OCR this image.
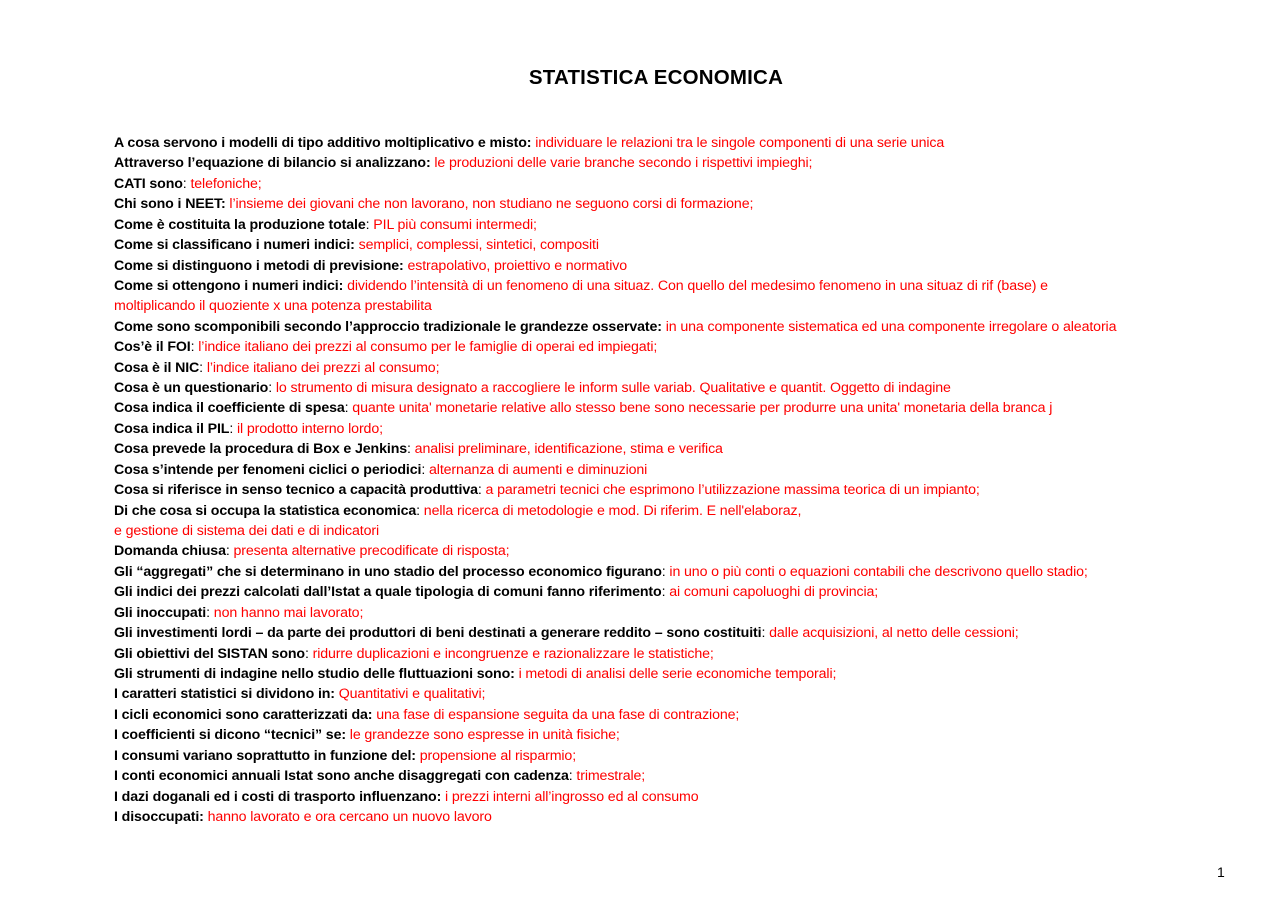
STATISTICA ECONOMICA
A cosa servono i modelli di tipo additivo moltiplicativo e misto: individuare le relazioni tra le singole componenti di una serie unica
Attraverso l’equazione di bilancio si analizzano: le produzioni delle varie branche secondo i rispettivi impieghi;
CATI sono: telefoniche;
Chi sono i NEET: l’insieme dei giovani che non lavorano, non studiano ne seguono corsi di formazione;
Come è costituita la produzione totale: PIL più consumi intermedi;
Come si classificano i numeri indici: semplici, complessi, sintetici, compositi
Come si distinguono i metodi di previsione: estrapolativo, proiettivo e normativo
Come si ottengono i numeri indici: dividendo l’intensità di un fenomeno di una situaz. Con quello del medesimo fenomeno in una situaz di rif (base) e
moltiplicando il quoziente x una potenza prestabilita
Come sono scomponibili secondo l’approccio tradizionale le grandezze osservate: in una componente sistematica ed una componente irregolare o aleatoria
Cos’è il FOI: l’indice italiano dei prezzi al consumo per le famiglie di operai ed impiegati;
Cosa è il NIC: l’indice italiano dei prezzi al consumo;
Cosa è un questionario: lo strumento di misura designato a raccogliere le inform sulle variab. Qualitative e quantit. Oggetto di indagine
Cosa indica il coefficiente di spesa: quante unita' monetarie relative allo stesso bene sono necessarie per produrre una unita' monetaria della branca j
Cosa indica il PIL: il prodotto interno lordo;
Cosa prevede la procedura di Box e Jenkins: analisi preliminare, identificazione, stima e verifica
Cosa s’intende per fenomeni ciclici o periodici: alternanza di aumenti e diminuzioni
Cosa si riferisce in senso tecnico a capacità produttiva: a parametri tecnici che esprimono l’utilizzazione massima teorica di un impianto;
Di che cosa si occupa la statistica economica: nella ricerca di metodologie e mod. Di riferim. E nell'elaboraz,
e gestione di sistema dei dati e di indicatori
Domanda chiusa: presenta alternative precodificate di risposta;
Gli “aggregati” che si determinano in uno stadio del processo economico figurano: in uno o più conti o equazioni contabili che descrivono quello stadio;
Gli indici dei prezzi calcolati dall’Istat a quale tipologia di comuni fanno riferimento: ai comuni capoluoghi di provincia;
Gli inoccupati: non hanno mai lavorato;
Gli investimenti lordi – da parte dei produttori di beni destinati a generare reddito – sono costituiti: dalle acquisizioni, al netto delle cessioni;
Gli obiettivi del SISTAN sono: ridurre duplicazioni e incongruenze e razionalizzare le statistiche;
Gli strumenti di indagine nello studio delle fluttuazioni sono: i metodi di analisi delle serie economiche temporali;
I caratteri statistici si dividono in: Quantitativi e qualitativi;
I cicli economici sono caratterizzati da: una fase di espansione seguita da una fase di contrazione;
I coefficienti si dicono “tecnici” se: le grandezze sono espresse in unità fisiche;
I consumi variano soprattutto in funzione del: propensione al risparmio;
I conti economici annuali Istat sono anche disaggregati con cadenza: trimestrale;
I dazi doganali ed i costi di trasporto influenzano: i prezzi interni all’ingrosso ed al consumo
I disoccupati: hanno lavorato e ora cercano un nuovo lavoro
1
